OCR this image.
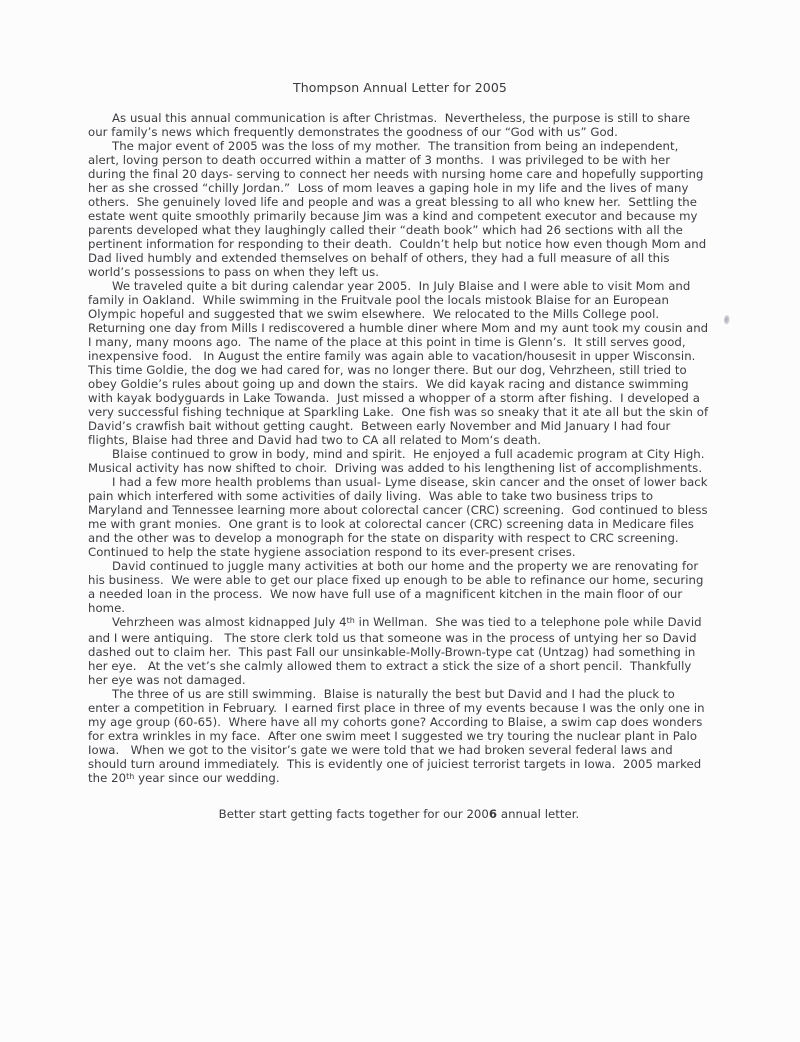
Thompson Annual Letter for 2005

As usual this annual communication is after Christmas.  Nevertheless, the purpose is still to share our family’s news which frequently demonstrates the goodness of our “God with us” God.

The major event of 2005 was the loss of my mother.  The transition from being an independent, alert, loving person to death occurred within a matter of 3 months.  I was privileged to be with her during the final 20 days- serving to connect her needs with nursing home care and hopefully supporting her as she crossed “chilly Jordan.”  Loss of mom leaves a gaping hole in my life and the lives of many others.  She genuinely loved life and people and was a great blessing to all who knew her.  Settling the estate went quite smoothly primarily because Jim was a kind and competent executor and because my parents developed what they laughingly called their “death book” which had 26 sections with all the pertinent information for responding to their death.  Couldn’t help but notice how even though Mom and Dad lived humbly and extended themselves on behalf of others, they had a full measure of all this world’s possessions to pass on when they left us.

We traveled quite a bit during calendar year 2005.  In July Blaise and I were able to visit Mom and family in Oakland.  While swimming in the Fruitvale pool the locals mistook Blaise for an European Olympic hopeful and suggested that we swim elsewhere.  We relocated to the Mills College pool.  Returning one day from Mills I rediscovered a humble diner where Mom and my aunt took my cousin and I many, many moons ago.  The name of the place at this point in time is Glenn’s.  It still serves good, inexpensive food.   In August the entire family was again able to vacation/housesit in upper Wisconsin.  This time Goldie, the dog we had cared for, was no longer there. But our dog, Vehrzheen, still tried to obey Goldie’s rules about going up and down the stairs.  We did kayak racing and distance swimming with kayak bodyguards in Lake Towanda.  Just missed a whopper of a storm after fishing.  I developed a very successful fishing technique at Sparkling Lake.  One fish was so sneaky that it ate all but the skin of David’s crawfish bait without getting caught.  Between early November and Mid January I had four flights, Blaise had three and David had two to CA all related to Mom‘s death.

Blaise continued to grow in body, mind and spirit.  He enjoyed a full academic program at City High.  Musical activity has now shifted to choir.  Driving was added to his lengthening list of accomplishments.

I had a few more health problems than usual- Lyme disease, skin cancer and the onset of lower back pain which interfered with some activities of daily living.  Was able to take two business trips to Maryland and Tennessee learning more about colorectal cancer (CRC) screening.  God continued to bless me with grant monies.  One grant is to look at colorectal cancer (CRC) screening data in Medicare files and the other was to develop a monograph for the state on disparity with respect to CRC screening.  Continued to help the state hygiene association respond to its ever-present crises.

David continued to juggle many activities at both our home and the property we are renovating for his business.  We were able to get our place fixed up enough to be able to refinance our home, securing a needed loan in the process.  We now have full use of a magnificent kitchen in the main floor of our home.

Vehrzheen was almost kidnapped July 4th in Wellman.  She was tied to a telephone pole while David and I were antiquing.   The store clerk told us that someone was in the process of untying her so David dashed out to claim her.  This past Fall our unsinkable-Molly-Brown-type cat (Untzag) had something in her eye.   At the vet’s she calmly allowed them to extract a stick the size of a short pencil.  Thankfully her eye was not damaged.

The three of us are still swimming.  Blaise is naturally the best but David and I had the pluck to enter a competition in February.  I earned first place in three of my events because I was the only one in my age group (60-65).  Where have all my cohorts gone? According to Blaise, a swim cap does wonders for extra wrinkles in my face.  After one swim meet I suggested we try touring the nuclear plant in Palo Iowa.   When we got to the visitor’s gate we were told that we had broken several federal laws and should turn around immediately.  This is evidently one of juiciest terrorist targets in Iowa.  2005 marked the 20th year since our wedding.

Better start getting facts together for our 2006 annual letter.
